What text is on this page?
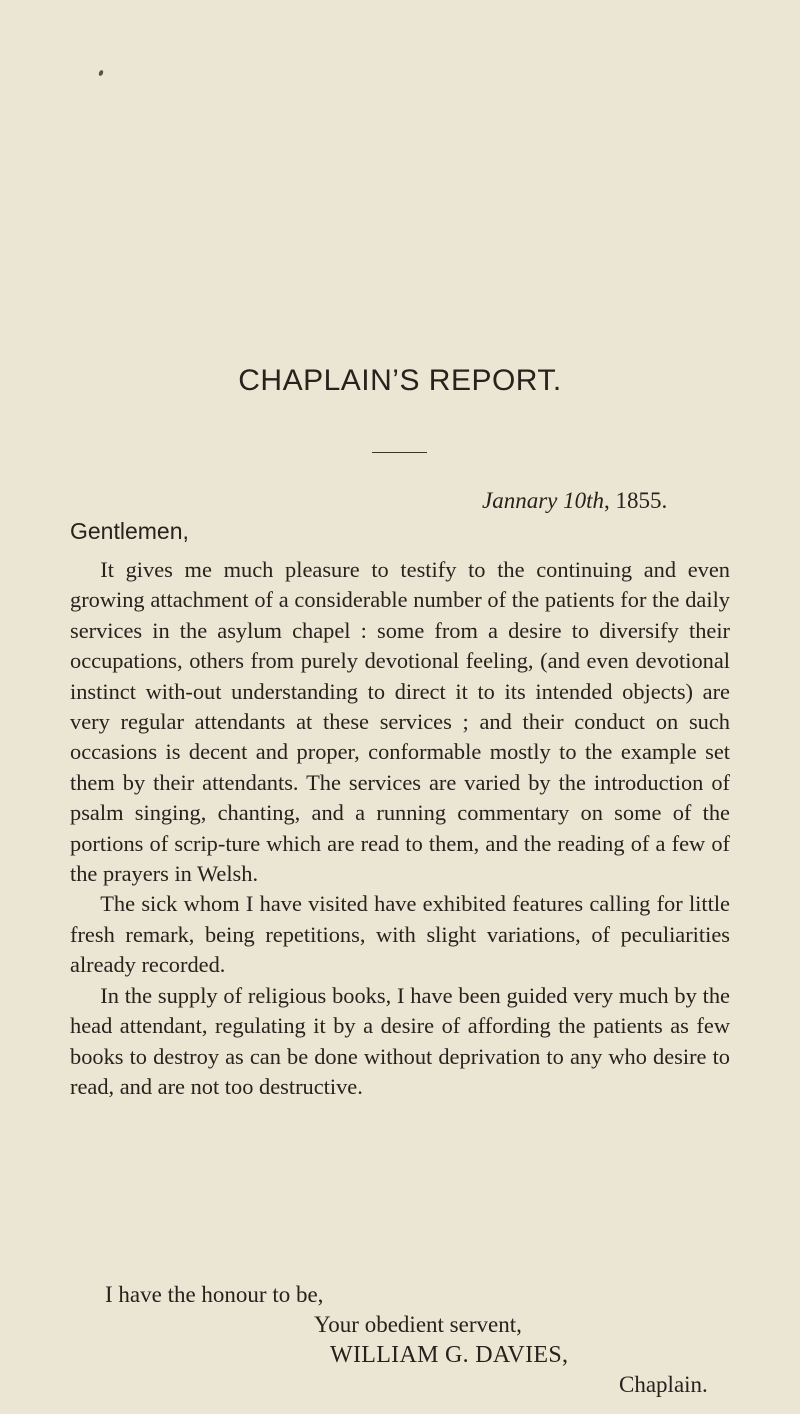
CHAPLAIN’S REPORT.

Jannary 10th, 1855.

Gentlemen,

It gives me much pleasure to testify to the continuing and even growing attachment of a considerable number of the patients for the daily services in the asylum chapel : some from a desire to diversify their occupations, others from purely devotional feeling, (and even devotional instinct with-out understanding to direct it to its intended objects) are very regular attendants at these services ; and their conduct on such occasions is decent and proper, conformable mostly to the example set them by their attendants. The services are varied by the introduction of psalm singing, chanting, and a running commentary on some of the portions of scrip-ture which are read to them, and the reading of a few of the prayers in Welsh.

The sick whom I have visited have exhibited features calling for little fresh remark, being repetitions, with slight variations, of peculiarities already recorded.

In the supply of religious books, I have been guided very much by the head attendant, regulating it by a desire of affording the patients as few books to destroy as can be done without deprivation to any who desire to read, and are not too destructive.

I have the honour to be,

Your obedient servent,

WILLIAM G. DAVIES,

Chaplain.
